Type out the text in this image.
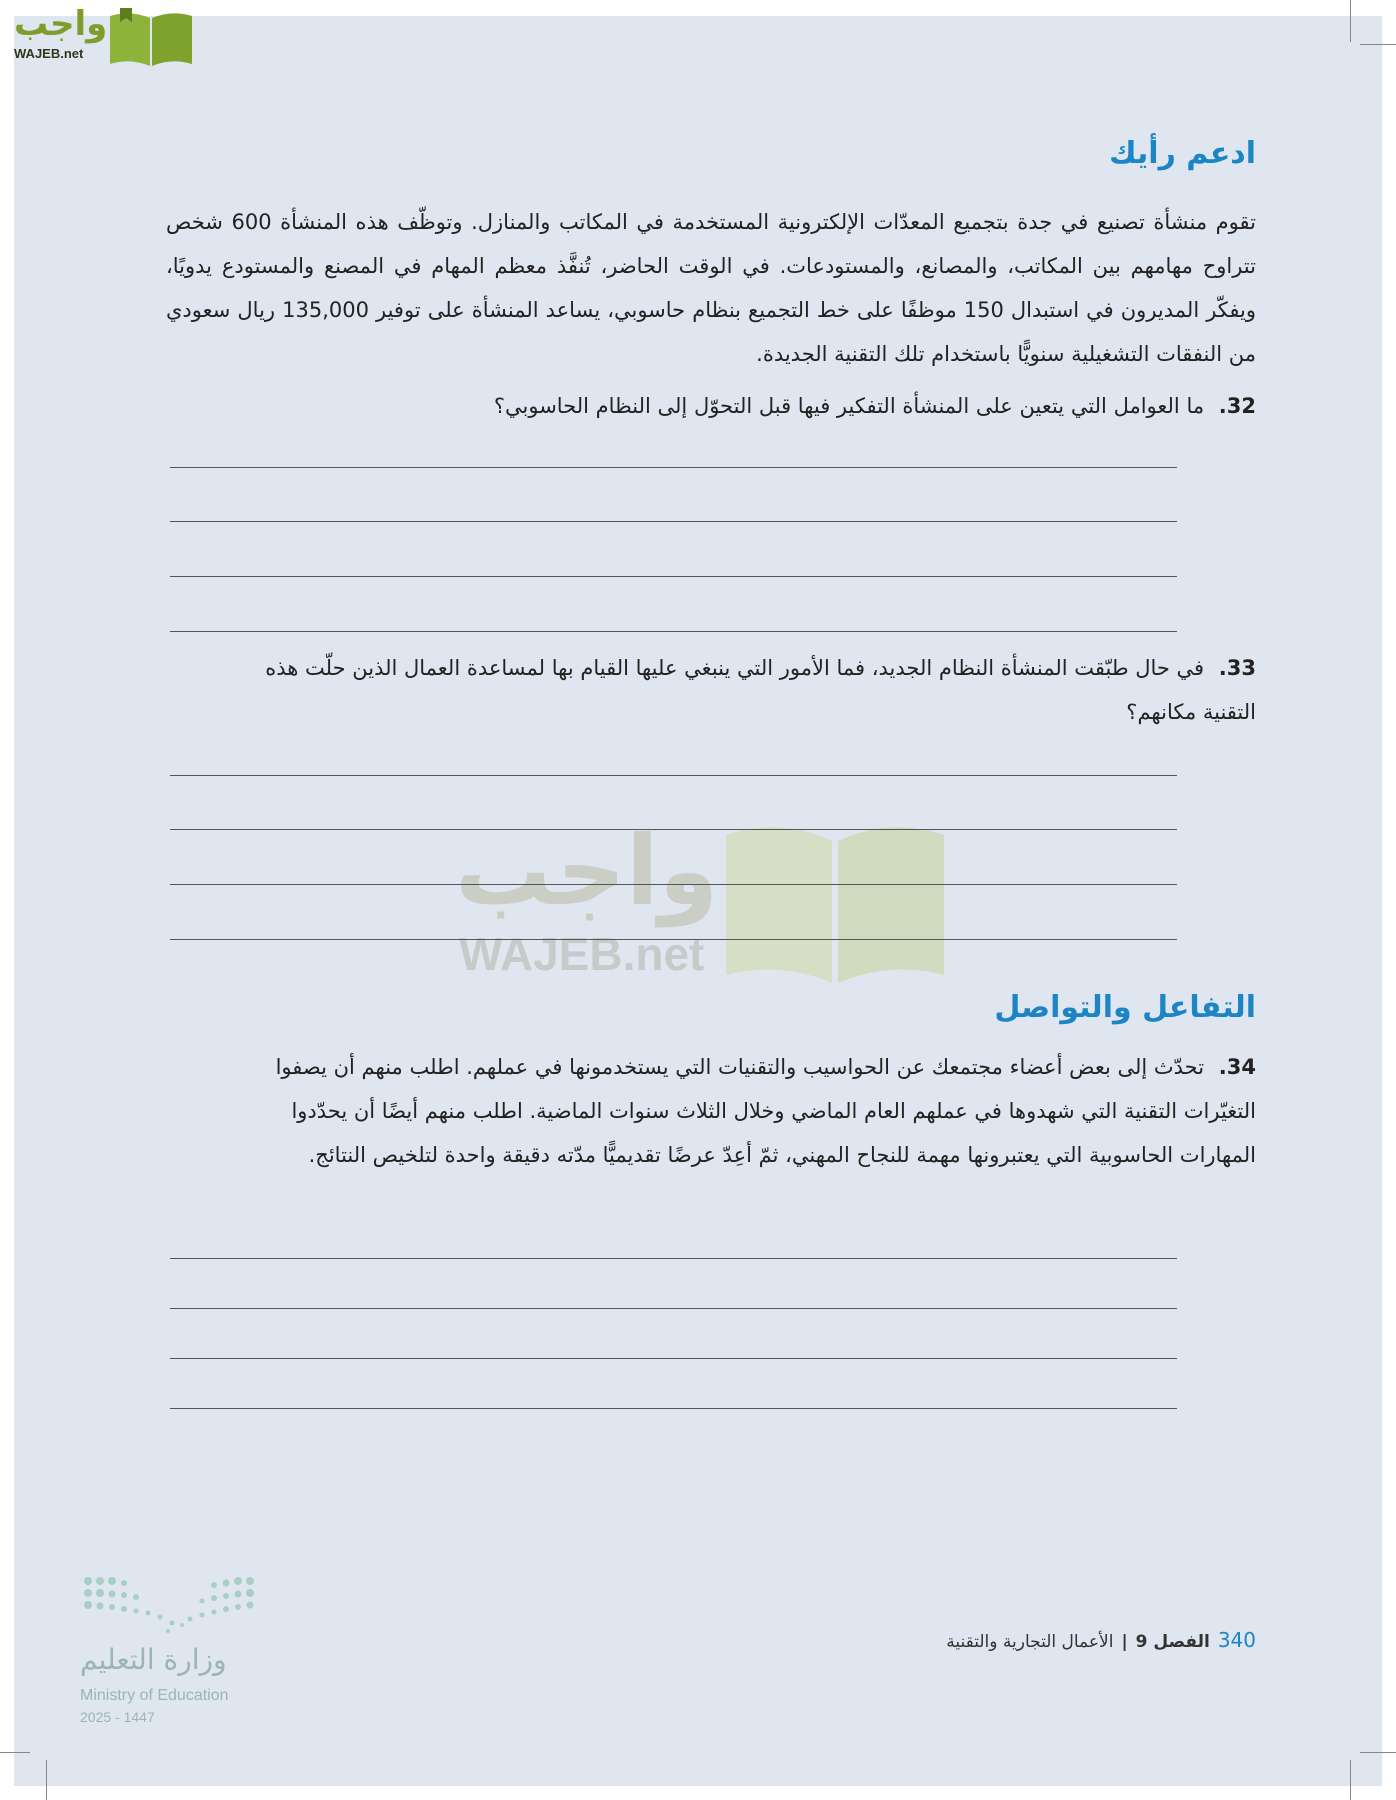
واجب
WAJEB.net
واجب
WAJEB.net
ادعم رأيك
تقوم منشأة تصنيع في جدة بتجميع المعدّات الإلكترونية المستخدمة في المكاتب والمنازل. وتوظّف هذه المنشأة 600 شخص تتراوح مهامهم بين المكاتب، والمصانع، والمستودعات. في الوقت الحاضر، تُنفَّذ معظم المهام في المصنع والمستودع يدويًا، ويفكّر المديرون في استبدال 150 موظفًا على خط التجميع بنظام حاسوبي، يساعد المنشأة على توفير 135,000 ريال سعودي من النفقات التشغيلية سنويًّا باستخدام تلك التقنية الجديدة.
32. ما العوامل التي يتعين على المنشأة التفكير فيها قبل التحوّل إلى النظام الحاسوبي؟
33. في حال طبّقت المنشأة النظام الجديد، فما الأمور التي ينبغي عليها القيام بها لمساعدة العمال الذين حلّت هذه التقنية مكانهم؟
التفاعل والتواصل
34. تحدّث إلى بعض أعضاء مجتمعك عن الحواسيب والتقنيات التي يستخدمونها في عملهم. اطلب منهم أن يصفوا التغيّرات التقنية التي شهدوها في عملهم العام الماضي وخلال الثلاث سنوات الماضية. اطلب منهم أيضًا أن يحدّدوا المهارات الحاسوبية التي يعتبرونها مهمة للنجاح المهني، ثمّ أعِدّ عرضًا تقديميًّا مدّته دقيقة واحدة لتلخيص النتائج.
وزارة التعليم
Ministry of Education
2025 - 1447
340
الفصل 9
|
الأعمال التجارية والتقنية
